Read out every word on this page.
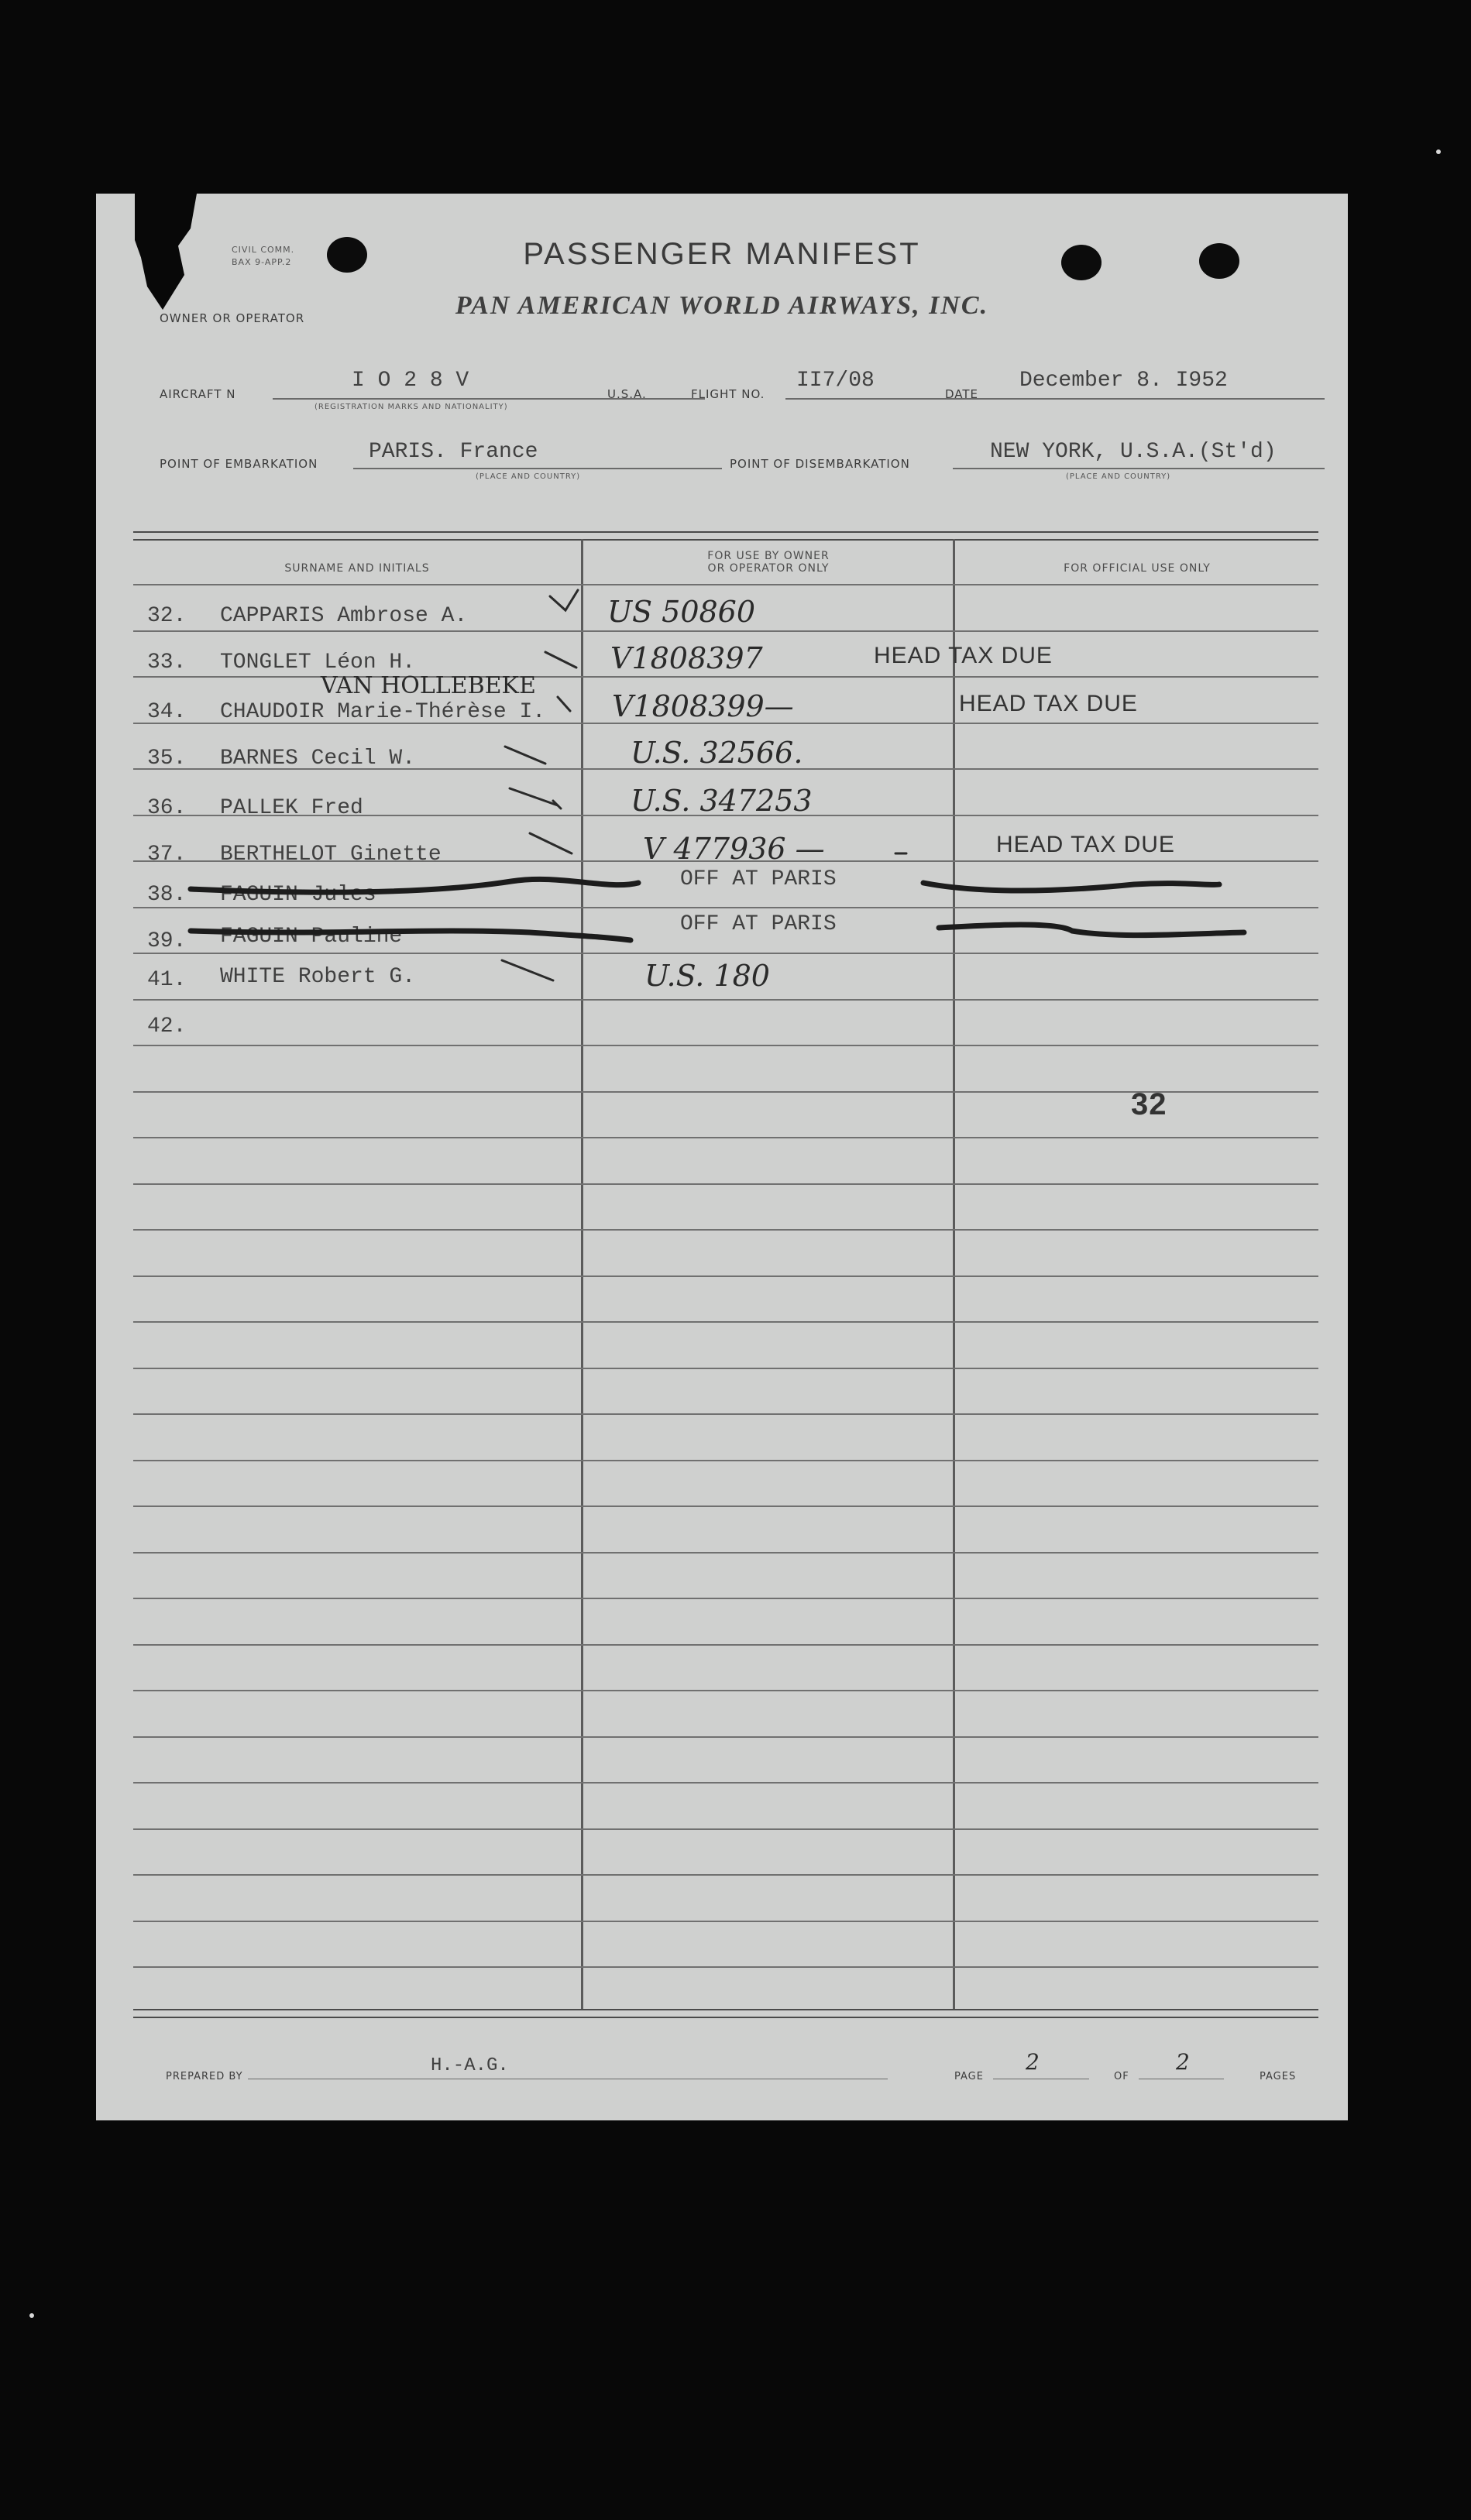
CIVIL COMM.
BAX 9-APP.2
OWNER OR OPERATOR
PASSENGER MANIFEST
PAN AMERICAN WORLD AIRWAYS, INC.
AIRCRAFT N
I O 2 8 V
U.S.A.
(REGISTRATION MARKS AND NATIONALITY)
FLIGHT NO.
II7/08
DATE
December 8. I952
POINT OF EMBARKATION PARIS. France
(PLACE AND COUNTRY)
POINT OF DISEMBARKATION	NEW YORK, U.S.A.(St'd)
(PLACE AND COUNTRY)
SURNAME AND INITIALS
FOR USE BY OWNER
OR OPERATOR ONLY	FOR OFFICIAL USE ONLY
32. CAPPARIS Ambrose A.	US 50860
33. TONGLET Léon H.	V1808397	HEAD TAX DUE
VAN HOLLEBEKE
34. CHAUDOIR Marie-Thérèse I. V1808399—	HEAD TAX DUE
35. BARNES Cecil W.	U.S. 32566.
36. PALLEK Fred	U.S. 347253
37. BERTHELOT Ginette	V 477936 —	HEAD TAX DUE
38. FAGUIN Jules
OFF AT PARIS
39. FAGUIN Pauline
OFF AT PARIS
41. WHITE Robert G.	U.S. 180
42.
32
PREPARED BY
H.-A.G.
PAGE
2
OF
2
PAGES
